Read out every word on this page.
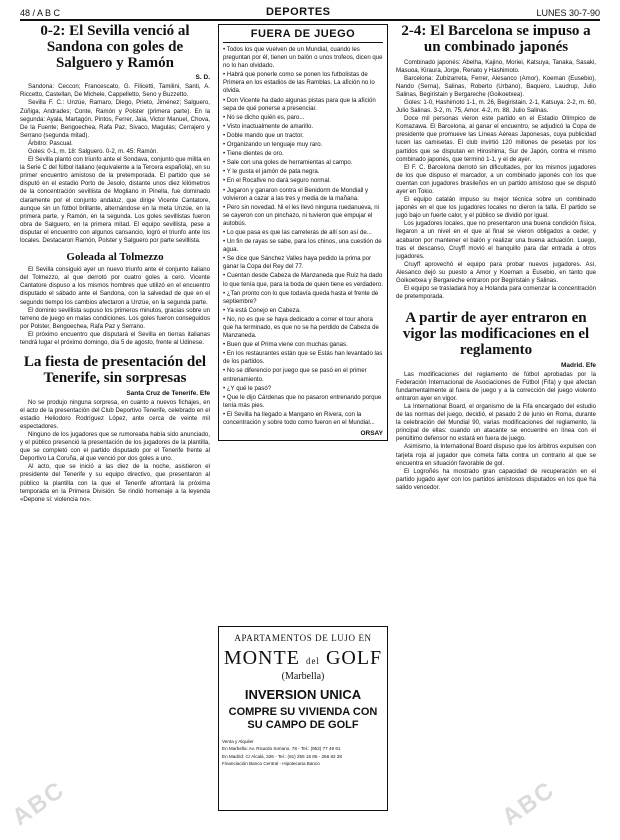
48 / A B C	DEPORTES	LUNES 30-7-90
0-2: El Sevilla venció al Sandona con goles de Salguero y Ramón
S. D.

Sandona: Ceccon; Francescato, G. Filicetti, Tamilini, Santi, A. Riccetto, Castellan, De Michele, Cappelletto, Seno y Buzzetto.

Sevilla F. C.: Unzúe, Ramaro, Diego, Prieto, Jiménez; Salguero, Zúñiga, Andrades; Conte, Ramón y Polster (primera parte). En la segunda: Ayala, Martagón, Pintos, Ferrer, Jaia, Victor Manuel, Chova, De la Fuente; Bengoechea, Rafa Paz, Sivaco, Magulas; Cerrajero y Serrano (segunda mitad).

Árbitro: Pascual.

Goles: 0-1, m. 18: Salguero. 0-2, m. 45: Ramón.

El Sevilla plantó con triunfo ante el Sondava, conjunto que milita en la Serie C del fútbol italiano (equivalente a la Tercera española), en su primer encuentro amistoso de la pretemporada. El partido que se disputó en el estadio Porto de Jesolo, distante unos diez kilómetros de la concentración sevillista de Mogliano in Pinella, fue dominado claramente por el conjunto andaluz, que dirige Vicente Cantatore, aunque sin un fútbol brillante, alternándose en la meta Unzúe, en la primera parte, y Ramón, en la segunda. Los goles sevillistas fueron obra de Salguero, en la primera mitad. El equipo sevillista, pese a disputar el encuentro con algunos cansancio, logró el triunfo ante los locales. Destacaron Ramón, Polster y Salguero por parte sevillista.

Goleada al Tolmezzo

El Sevilla consiguió ayer un nuevo triunfo ante el conjunto italiano del Tolmezzo, al que derrotó por cuatro goles a cero. Vicente Cantatore dispuso a los mismos hombres que utilizó en el encuentro disputado el sábado ante el Sandona, con la salvedad de que en el segundo tiempo los cambios afectaron a Unzúe, en la segunda parte.

El dominio sevillista supuso los primeros minutos, gracias sobre un terreno de juego en malas condiciones. Los goles fueron conseguidos por Polster, Bengoechea, Rafa Paz y Serrano.

El próximo encuentro que disputará el Sevilla en tierras italianas tendrá lugar el próximo domingo, día 5 de agosto, frente al Udinese.

La fiesta de presentación del Tenerife, sin sorpresas
Santa Cruz de Tenerife. Efe

No se produjo ninguna sorpresa, en cuanto a nuevos fichajes, en el acto de la presentación del Club Deportivo Tenerife, celebrado en el estadio Heliodoro Rodríguez López, ante cerca de veinte mil espectadores.

Ninguno de los jugadores que se rumoreaba había sido anunciado, y el público presenció la presentación de los jugadores de la plantilla, que se completó con el partido disputado por el Tenerife frente al Deportivo La Coruña, al que venció por dos goles a uno.

Al acto, que se inició a las diez de la noche, asistieron el presidente del Tenerife y su equipo directivo, que presentaron al público la plantilla con la que el Tenerife afrontará la próxima temporada en la Primera División. Se rindió homenaje a la leyenda «Depone si: violencia no».

FUERA DE JUEGO
• Todos los que vuelven de un Mundial, cuando les preguntan por él, tienen un balón o unos trofeos, dicen que no lo han olvidado.
• Habrá que ponerle como se ponen los futbolistas de Primera en los estadios de las Ramblas. La afición no lo olvida.
• Don Vicente ha dado algunas pistas para que la afición sepa de qué ponerse a presenciar.
• No se dicho quién es, paro...
• Visto inactualmente de amarillo.
• Doble mando que un tractor.
• Organizando un lenguaje muy raro.
• Tiene dientes de oro.
• Sale con una goles de herramientas al campo.
• Y le gusta el jamón de pata negra.
• En el Rocafive no dará seguro normal.
• Jugaron y ganaron contra el Benidorm de Mondiall y volvieron a cazar a las tres y media de la mañana.
• Pero sin novedad. Ni el les llevó ninguna ruedanueva, ni se cayeron con un pinchazo, ni tuvieron que empujar el autobús.
• Lo que pasa es que las carreteras de allí son así de...
• Un fin de rayas se sabe, para los chinos, una cuestión de agua.
• Se dice que Sánchez Valles haya pedido la prima por ganar la Copa del Rey del 77.
• Cuentan desde Cabeza de Manzaneda que Ruiz ha dado lo que tenía que, para la boda de quien tiene es verdadero.
• ¿Tan pronto con lo que todavía queda hasta el frente de septiembre?
• Ya está Conejo en Cabeza.
• No, no es que se haya dedicado a correr el tour ahora que ha terminado, es que no se ha perdido de Cabeza de Manzaneda.
• Buen que el Prima viene con muchas ganas.
• En los restaurantes están que se Estás han levantado las de los partidos.
• No se diferencio por juego que se pasó en el primer entrenamiento.
• ¿Y qué le pasó?
• Que le dijo Cárdenas que no pasaron entrenando porque tenía más pies.
• El Sevilla ha llegado a Mangano en Rivera, con la concentración y sobre todo como fueron en el Mundial...
ORSAY
APARTAMENTOS DE LUJO EN
MONTE del GOLF
(Marbella)
INVERSION UNICA
COMPRE SU VIVIENDA CON SU CAMPO DE GOLF
Venta y Alquiler
En Marbella: Av. Ricardo Soriano, 78 - Tel.: (952) 77 49 61
En Madrid: C/ Alcalá, 326 - Tel.: (91) 255 15 85 - 256 82 28
Financiación Banco Central - Hipotecaria Banco
2-4: El Barcelona se impuso a un combinado japonés

Combinado japonés: Abelha, Kajino, Moriei, Katsuya, Tanaka, Sasaki, Masuoa, Kiraura, Jorge, Renato y Hashimoto.

Barcelona: Zubizarreta, Ferrer, Alesanco (Amor), Koeman (Eusebio), Nando (Serna), Salinas, Roberto (Urbano), Baquero, Laudrup, Julio Salinas, Begiristain y Bergareche (Goikoetxea).

Goles: 1-0, Hashimoto 1-1, m. 26, Begiristain. 2-1, Katsuya. 2-2, m. 60, Julio Salinas. 3-2, m. 75, Amor. 4-2, m. 88, Julio Salinas.

Doce mil personas vieron este partido en el Estadio Olímpico de Komazawa. El Barcelona, al ganar el encuentro, se adjudicó la Copa de presidente que promueve las Líneas Aéreas Japonesas, cuya publicidad lucen las camisetas. El club invirtió 120 millones de pesetas por los partidos que se disputan en Hiroshima, Sur de Japón, contra el mismo combinado japonés, que terminó 1-1, y el de ayer.

El F. C. Barcelona derrotó sin dificultades, por los mismos jugadores de los que dispuso el marcador, a un combinado japonés con los que cuentan con jugadores brasileños en un partido amistoso que se disputó ayer en Tokio.

El equipo catalán impuso su mejor técnica sobre un combinado japonés en el que los jugadores locales no dieron la talla. El partido se jugó bajo un fuerte calor, y el público se dividió por igual.

Los jugadores locales, que no presentaron una buena condición física, llegaron a un nivel en el que al final se vieron obligados a ceder, y acabaron por mantener el balón y realizar una buena actuación. Luego, tras el descanso, Cruyff movió el banquillo para dar entrada a otros jugadores.

Cruyff aprovechó el equipo para probar nuevos jugadores. Así, Alesanco dejó su puesto a Amor y Koeman a Eusebio, en tanto que Goikoetxea y Bergareche entraron por Begiristain y Salinas.

El equipo se trasladará hoy a Holanda para comenzar la concentración de pretemporada.

A partir de ayer entraron en vigor las modificaciones en el reglamento
Madrid. Efe

Las modificaciones del reglamento de fútbol aprobadas por la Federación Internacional de Asociaciones de Fútbol (Fifa) y que afectan fundamentalmente al fuera de juego y a la corrección del juego violento entraron ayer en vigor.

La International Board, el organismo de la Fifa encargado del estudio de las normas del juego, decidió, el pasado 2 de junio en Roma, durante la celebración del Mundial 90, varias modificaciones del reglamento, la principal de ellas: cuando un atacante se encuentre en línea con el penúltimo defensor no estará en fuera de juego.

Asimismo, la International Board dispuso que los árbitros expulsen con tarjeta roja al jugador que cometa falta contra un contrario al que se encuentra en situación favorable de gol.

El Logroñés ha mostrado gran capacidad de recuperación en el partido jugado ayer con los partidos amistosos disputados en los que ha salido vencedor.

ABC	ABC
